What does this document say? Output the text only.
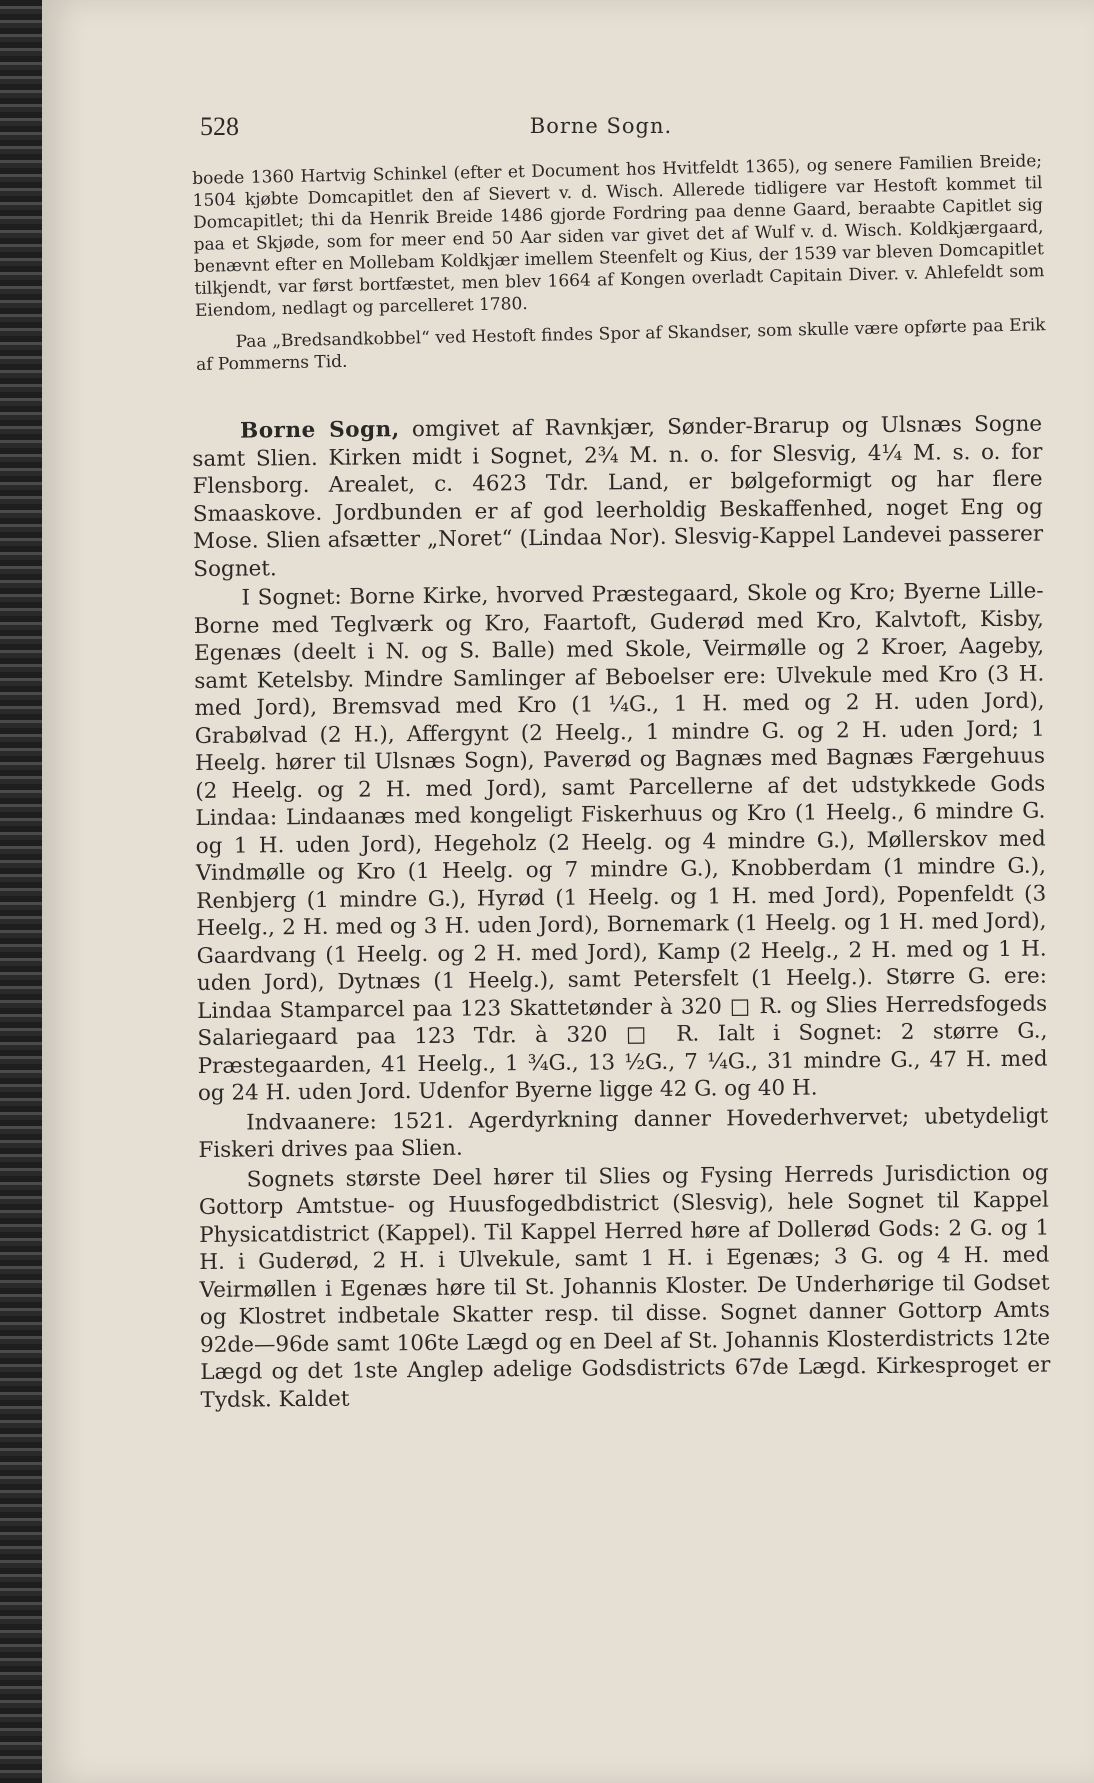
528	Borne Sogn.

boede 1360 Hartvig Schinkel (efter et Document hos Hvitfeldt 1365), og senere Familien Breide; 1504 kjøbte Domcapitlet den af Sievert v. d. Wisch. Allerede tidligere var Hestoft kommet til Domcapitlet; thi da Henrik Breide 1486 gjorde Fordring paa denne Gaard, beraabte Capitlet sig paa et Skjøde, som for meer end 50 Aar siden var givet det af Wulf v. d. Wisch. Koldkjærgaard, benævnt efter en Mollebam Koldkjær imellem Steenfelt og Kius, der 1539 var bleven Domcapitlet tilkjendt, var først bortfæstet, men blev 1664 af Kongen overladt Capitain Diver. v. Ahlefeldt som Eiendom, nedlagt og parcelleret 1780.

Paa „Bredsandkobbel“ ved Hestoft findes Spor af Skandser, som skulle være opførte paa Erik af Pommerns Tid.

Borne Sogn, omgivet af Ravnkjær, Sønder-Brarup og Ulsnæs Sogne samt Slien. Kirken midt i Sognet, 2¾ M. n. o. for Slesvig, 4¼ M. s. o. for Flensborg. Arealet, c. 4623 Tdr. Land, er bølgeformigt og har flere Smaaskove. Jordbunden er af god leerholdig Beskaffenhed, noget Eng og Mose. Slien afsætter „Noret“ (Lindaa Nor). Slesvig-Kappel Landevei passerer Sognet.

I Sognet: Borne Kirke, hvorved Præstegaard, Skole og Kro; Byerne Lille-Borne med Teglværk og Kro, Faartoft, Guderød med Kro, Kalvtoft, Kisby, Egenæs (deelt i N. og S. Balle) med Skole, Veirmølle og 2 Kroer, Aageby, samt Ketelsby. Mindre Samlinger af Beboelser ere: Ulvekule med Kro (3 H. med Jord), Bremsvad med Kro (1 ¼G., 1 H. med og 2 H. uden Jord), Grabølvad (2 H.), Affergynt (2 Heelg., 1 mindre G. og 2 H. uden Jord; 1 Heelg. hører til Ulsnæs Sogn), Paverød og Bagnæs med Bagnæs Færgehuus (2 Heelg. og 2 H. med Jord), samt Parcellerne af det udstykkede Gods Lindaa: Lindaanæs med kongeligt Fiskerhuus og Kro (1 Heelg., 6 mindre G. og 1 H. uden Jord), Hegeholz (2 Heelg. og 4 mindre G.), Møllerskov med Vindmølle og Kro (1 Heelg. og 7 mindre G.), Knobberdam (1 mindre G.), Renbjerg (1 mindre G.), Hyrød (1 Heelg. og 1 H. med Jord), Popenfeldt (3 Heelg., 2 H. med og 3 H. uden Jord), Bornemark (1 Heelg. og 1 H. med Jord), Gaardvang (1 Heelg. og 2 H. med Jord), Kamp (2 Heelg., 2 H. med og 1 H. uden Jord), Dytnæs (1 Heelg.), samt Petersfelt (1 Heelg.). Større G. ere: Lindaa Stamparcel paa 123 Skattetønder à 320 □ R. og Slies Herredsfogeds Salariegaard paa 123 Tdr. à 320 □ R. Ialt i Sognet: 2 større G., Præstegaarden, 41 Heelg., 1 ¾G., 13 ½G., 7 ¼G., 31 mindre G., 47 H. med og 24 H. uden Jord. Udenfor Byerne ligge 42 G. og 40 H.

Indvaanere: 1521. Agerdyrkning danner Hovederhvervet; ubetydeligt Fiskeri drives paa Slien.

Sognets største Deel hører til Slies og Fysing Herreds Jurisdiction og Gottorp Amtstue- og Huusfogedbdistrict (Slesvig), hele Sognet til Kappel Physicatdistrict (Kappel). Til Kappel Herred høre af Dollerød Gods: 2 G. og 1 H. i Guderød, 2 H. i Ulvekule, samt 1 H. i Egenæs; 3 G. og 4 H. med Veirmøllen i Egenæs høre til St. Johannis Kloster. De Underhørige til Godset og Klostret indbetale Skatter resp. til disse. Sognet danner Gottorp Amts 92de—96de samt 106te Lægd og en Deel af St. Johannis Klosterdistricts 12te Lægd og det 1ste Anglер adelige Godsdistricts 67de Lægd. Kirkesproget er Tydsk. Kaldet
